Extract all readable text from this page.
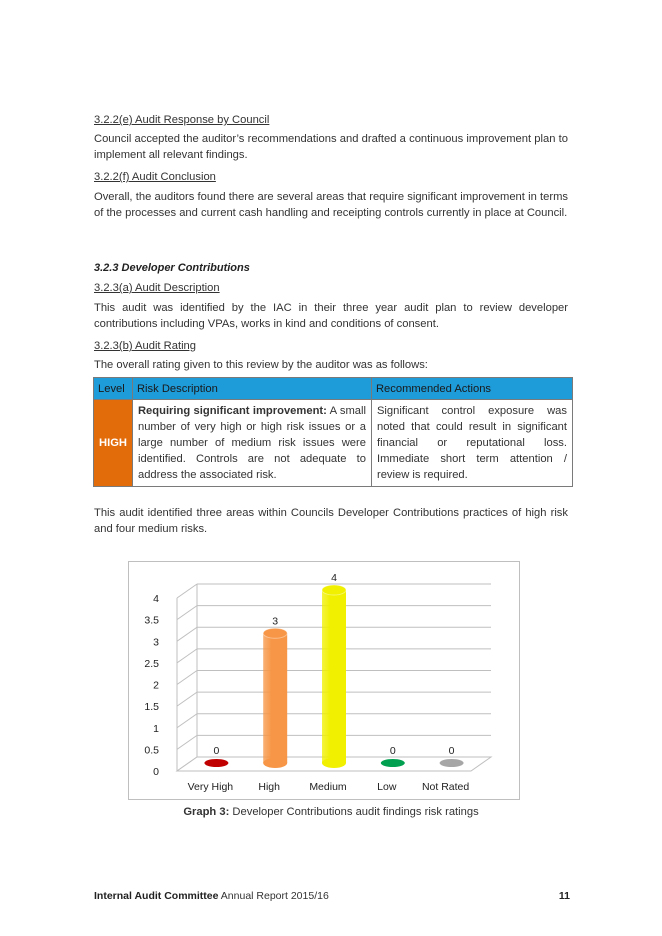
3.2.2(e) Audit Response by Council
Council accepted the auditor’s recommendations and drafted a continuous improvement plan to implement all relevant findings.
3.2.2(f) Audit Conclusion
Overall, the auditors found there are several areas that require significant improvement in terms of the processes and current cash handling and receipting controls currently in place at Council.
3.2.3 Developer Contributions
3.2.3(a) Audit Description
This audit was identified by the IAC in their three year audit plan to review developer contributions including VPAs, works in kind and conditions of consent.
3.2.3(b) Audit Rating
The overall rating given to this review by the auditor was as follows:
Level	Risk Description	Recommended Actions
HIGH	Requiring significant improvement: A small number of very high or high risk issues or a large number of medium risk issues were identified. Controls are not adequate to address the associated risk.	Significant control exposure was noted that could result in significant financial or reputational loss. Immediate short term attention / review is required.
This audit identified three areas within Councils Developer Contributions practices of high risk and four medium risks.
0
0.5
1
1.5
2
2.5
3
3.5
4
0
Very High
3
High
4
Medium
0
Low
0
Not Rated
Graph 3: Developer Contributions audit findings risk ratings
Internal Audit Committee Annual Report 2015/16	11
